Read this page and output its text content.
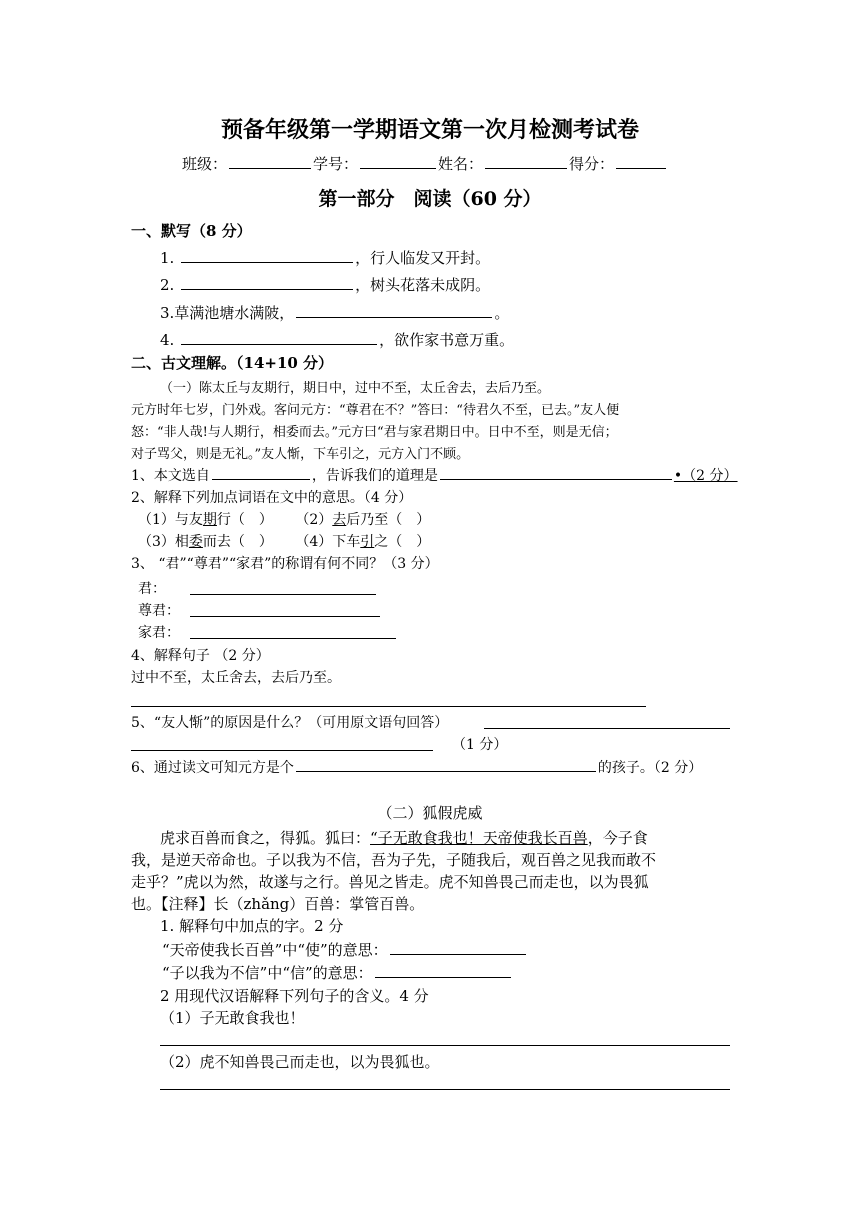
预备年级第一学期语文第一次月检测考试卷
班级：	学号：	姓名：	得分：
第一部分　阅读（60 分）
一、默写（8 分）
1.	，行人临发又开封。
2.	，树头花落未成阴。
3.草满池塘水满陂，	。
4.	，欲作家书意万重。
二、古文理解。（14+10 分）
（一）陈太丘与友期行，期日中，过中不至，太丘舍去，去后乃至。
元方时年七岁，门外戏。客问元方：“尊君在不？”答曰：“待君久不至，已去。”友人便
怒：“非人哉!与人期行，相委而去。”元方曰“君与家君期日中。日中不至，则是无信；
对子骂父，则是无礼。”友人惭，下车引之，元方入门不顾。
1、本文选自	，告诉我们的道理是	•（2 分）
2、解释下列加点词语在文中的意思。（4 分）
（1）与友期行（　） （2）去后乃至（　）
（3）相委而去（　） （4）下车引之（　）
3、 “君”“尊君”“家君”的称谓有何不同？（3 分）
君：
尊君：
家君：
4、解释句子 （2 分）
过中不至，太丘舍去，去后乃至。
5、“友人惭”的原因是什么？（可用原文语句回答）
（1 分）
6、通过读文可知元方是个	的孩子。（2 分）
（二）狐假虎威
虎求百兽而食之，得狐。狐曰：“子无敢食我也！天帝使我长百兽，今子食
我，是逆天帝命也。子以我为不信，吾为子先，子随我后，观百兽之见我而敢不
走乎？”虎以为然，故遂与之行。兽见之皆走。虎不知兽畏己而走也，以为畏狐
也。【注释】长（zhǎng）百兽：掌管百兽。
1. 解释句中加点的字。2 分
“天帝使我长百兽”中“使”的意思：
“子以我为不信”中“信”的意思：
2 用现代汉语解释下列句子的含义。4 分
（1）子无敢食我也！
（2）虎不知兽畏己而走也，以为畏狐也。
